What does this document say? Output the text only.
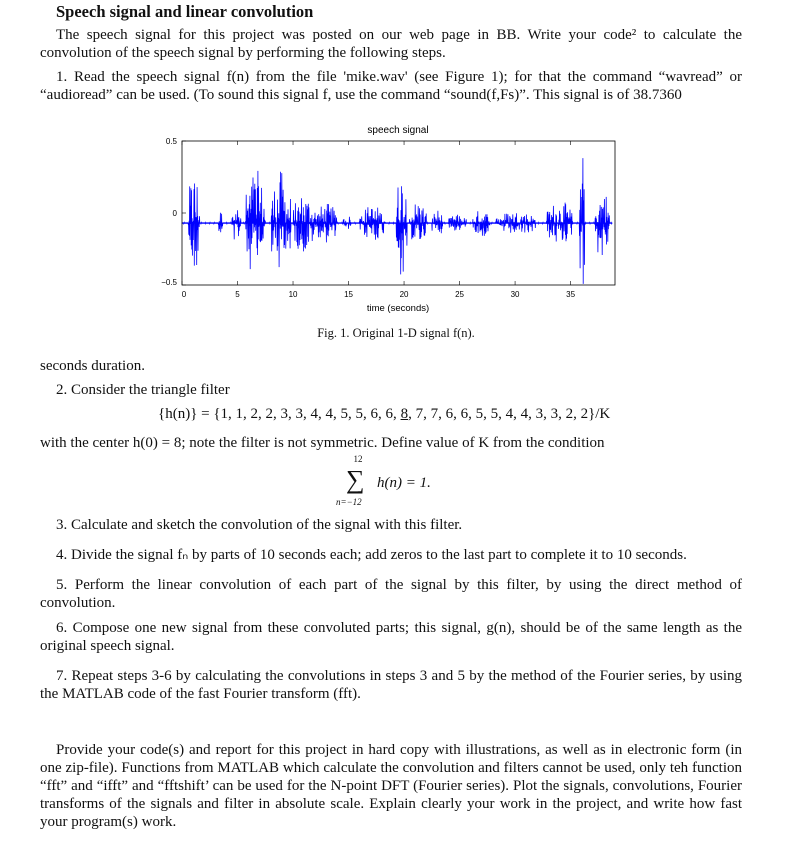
Speech signal and linear convolution
The speech signal for this project was posted on our web page in BB. Write your code² to calculate the convolution of the speech signal by performing the following steps.
1. Read the speech signal f(n) from the file 'mike.wav' (see Figure 1); for that the command “wavread” or “audioread” can be used. (To sound this signal f, use the command “sound(f,Fs)”. This signal is of 38.7360
speech signal
0.5
0
−0.5
0	5	10	15	20	25	30	35
time (seconds)
Fig. 1. Original 1-D signal f(n).
seconds duration.
2. Consider the triangle filter
{h(n)} = {1, 1, 2, 2, 3, 3, 4, 4, 5, 5, 6, 6, 8, 7, 7, 6, 6, 5, 5, 4, 4, 3, 3, 2, 2}/K
with the center h(0) = 8; note the filter is not symmetric. Define value of K from the condition
12
∑ h(n) = 1.
n=−12
3. Calculate and sketch the convolution of the signal with this filter.
4. Divide the signal fₙ by parts of 10 seconds each; add zeros to the last part to complete it to 10 seconds.
5. Perform the linear convolution of each part of the signal by this filter, by using the direct method of convolution.
6. Compose one new signal from these convoluted parts; this signal, g(n), should be of the same length as the original speech signal.
7. Repeat steps 3-6 by calculating the convolutions in steps 3 and 5 by the method of the Fourier series, by using the MATLAB code of the fast Fourier transform (fft).
Provide your code(s) and report for this project in hard copy with illustrations, as well as in electronic form (in one zip-file). Functions from MATLAB which calculate the convolution and filters cannot be used, only teh function “fft” and “ifft” and “fftshift’ can be used for the N-point DFT (Fourier series). Plot the signals, convolutions, Fourier transforms of the signals and filter in absolute scale. Explain clearly your work in the project, and write how fast your program(s) work.
